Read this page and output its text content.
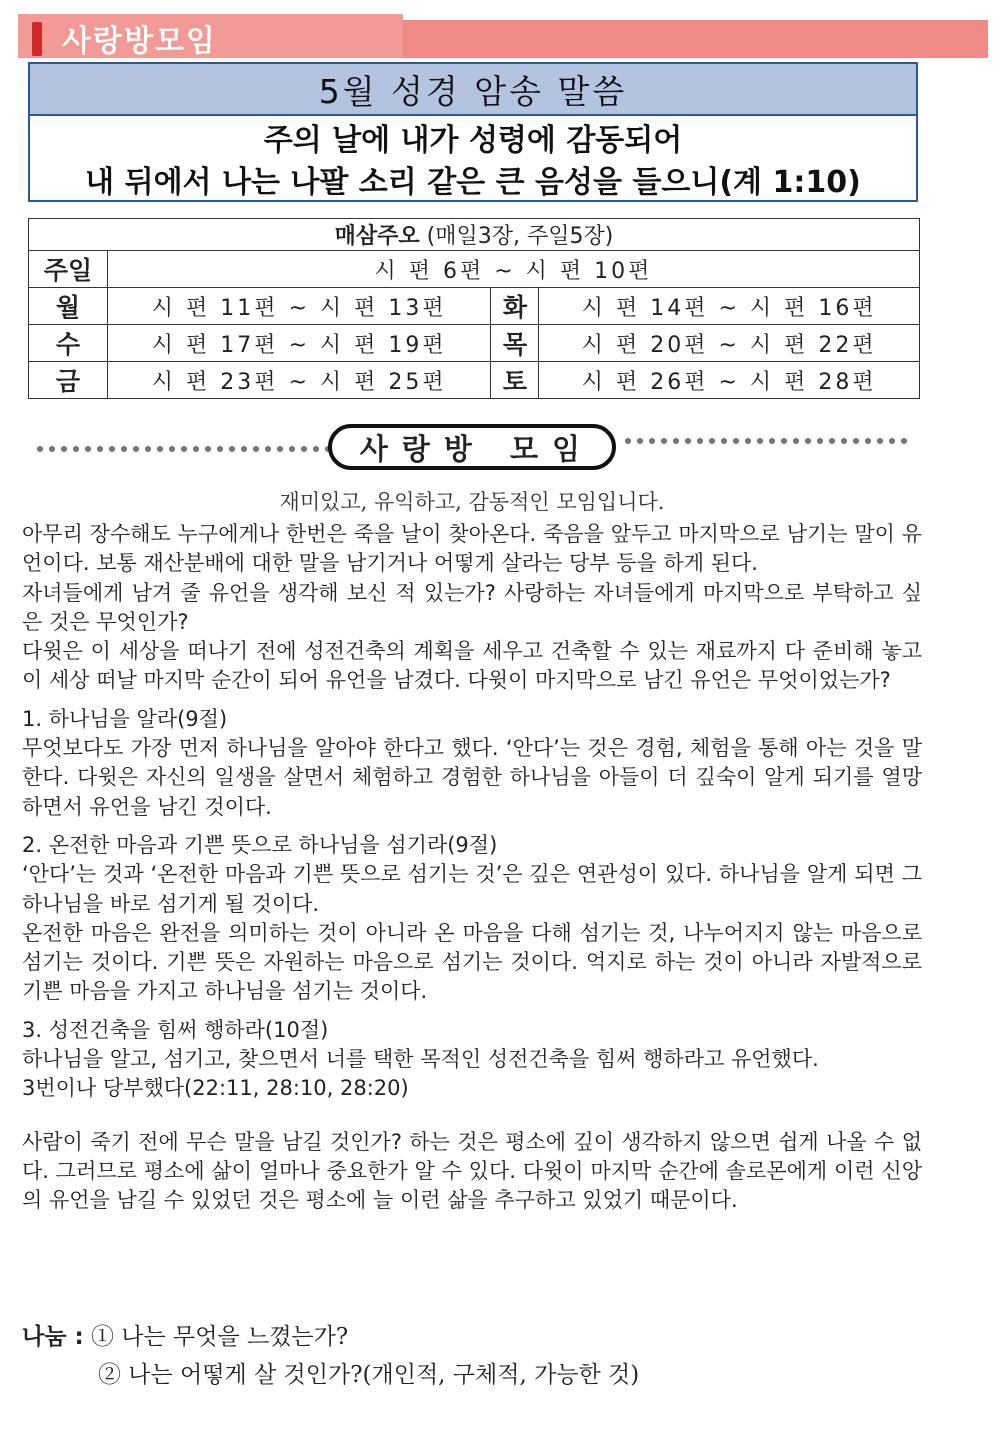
사랑방모임
5월 성경 암송 말씀
주의 날에 내가 성령에 감동되어
내 뒤에서 나는 나팔 소리 같은 큰 음성을 들으니(계 1:10)
매삼주오 (매일3장, 주일5장)			
주일	시 편 6편 ~ 시 편 10편		
월	시 편 11편 ~ 시 편 13편	화	시 편 14편 ~ 시 편 16편
수	시 편 17편 ~ 시 편 19편	목	시 편 20편 ~ 시 편 22편
금	시 편 23편 ~ 시 편 25편	토	시 편 26편 ~ 시 편 28편
사랑방 모임
재미있고, 유익하고, 감동적인 모임입니다.

아무리 장수해도 누구에게나 한번은 죽을 날이 찾아온다. 죽음을 앞두고 마지막으로 남기는 말이 유언이다. 보통 재산분배에 대한 말을 남기거나 어떻게 살라는 당부 등을 하게 된다.

자녀들에게 남겨 줄 유언을 생각해 보신 적 있는가? 사랑하는 자녀들에게 마지막으로 부탁하고 싶은 것은 무엇인가?

다윗은 이 세상을 떠나기 전에 성전건축의 계획을 세우고 건축할 수 있는 재료까지 다 준비해 놓고 이 세상 떠날 마지막 순간이 되어 유언을 남겼다. 다윗이 마지막으로 남긴 유언은 무엇이었는가?

1. 하나님을 알라(9절)

무엇보다도 가장 먼저 하나님을 알아야 한다고 했다. ‘안다’는 것은 경험, 체험을 통해 아는 것을 말한다. 다윗은 자신의 일생을 살면서 체험하고 경험한 하나님을 아들이 더 깊숙이 알게 되기를 열망하면서 유언을 남긴 것이다.

2. 온전한 마음과 기쁜 뜻으로 하나님을 섬기라(9절)

‘안다’는 것과 ‘온전한 마음과 기쁜 뜻으로 섬기는 것’은 깊은 연관성이 있다. 하나님을 알게 되면 그 하나님을 바로 섬기게 될 것이다.

온전한 마음은 완전을 의미하는 것이 아니라 온 마음을 다해 섬기는 것, 나누어지지 않는 마음으로 섬기는 것이다. 기쁜 뜻은 자원하는 마음으로 섬기는 것이다. 억지로 하는 것이 아니라 자발적으로 기쁜 마음을 가지고 하나님을 섬기는 것이다.

3. 성전건축을 힘써 행하라(10절)

하나님을 알고, 섬기고, 찾으면서 너를 택한 목적인 성전건축을 힘써 행하라고 유언했다.

3번이나 당부했다(22:11, 28:10, 28:20)

사람이 죽기 전에 무슨 말을 남길 것인가? 하는 것은 평소에 깊이 생각하지 않으면 쉽게 나올 수 없다. 그러므로 평소에 삶이 얼마나 중요한가 알 수 있다. 다윗이 마지막 순간에 솔로몬에게 이런 신앙의 유언을 남길 수 있었던 것은 평소에 늘 이런 삶을 추구하고 있었기 때문이다.

나눔 : ① 나는 무엇을 느꼈는가?
② 나는 어떻게 살 것인가?(개인적, 구체적, 가능한 것)
